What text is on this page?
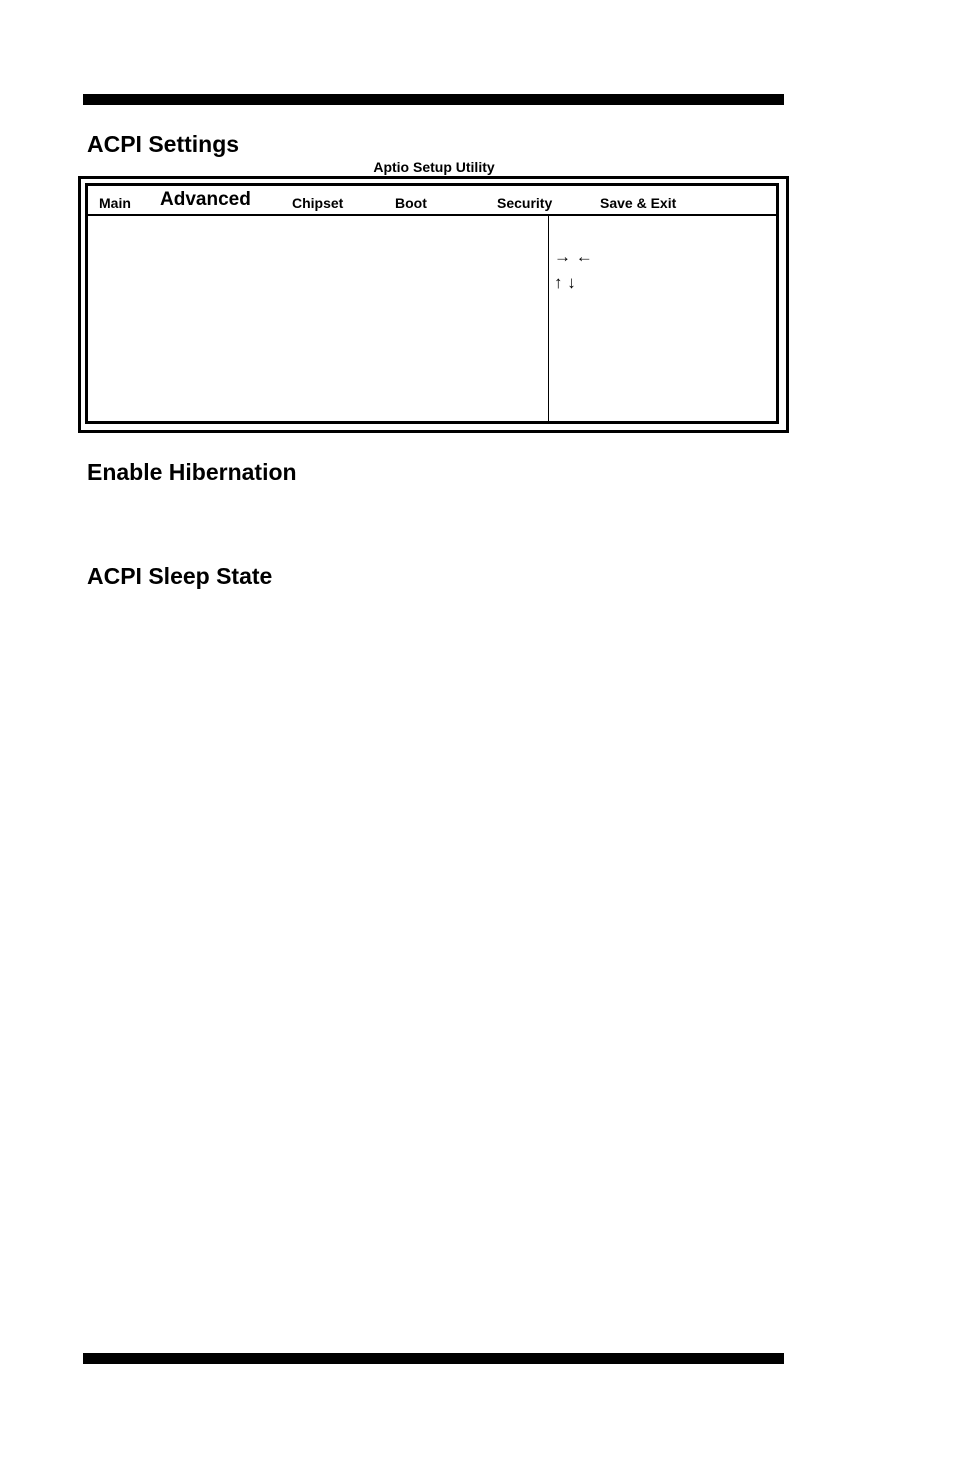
ACPI Settings
Aptio Setup Utility
Main Advanced	Chipset	Boot	Security	Save & Exit
→ ←
↑ ↓
Enable Hibernation
ACPI Sleep State
